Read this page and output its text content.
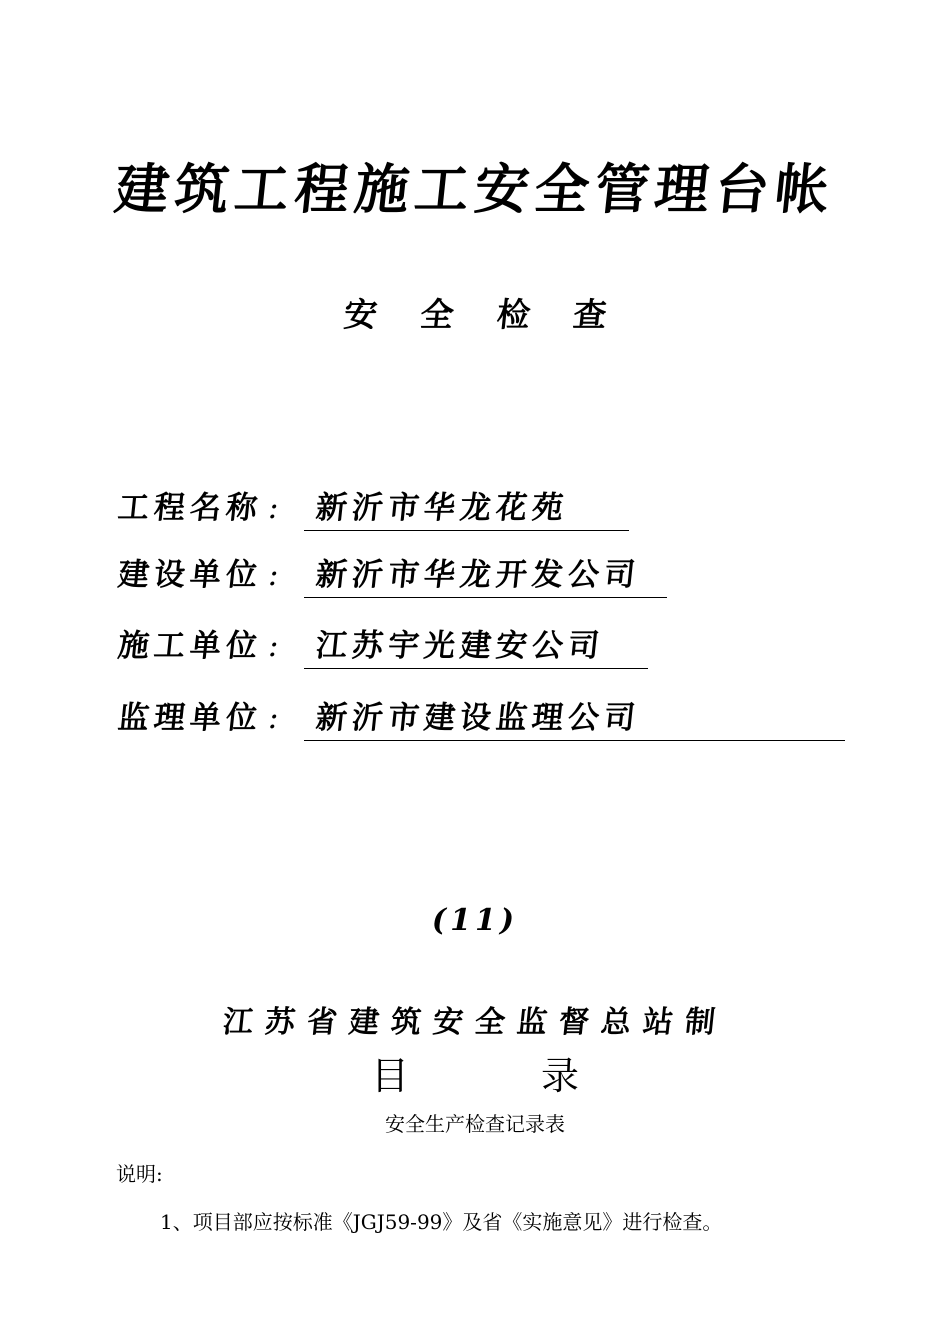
建筑工程施工安全管理台帐
安 全 检 查
工程名称 : 新沂市华龙花苑
建设单位 : 新沂市华龙开发公司
施工单位 : 江苏宇光建安公司
监理单位 : 新沂市建设监理公司
(11)
江苏省建筑安全监督总站制
目 录
安全生产检查记录表
说明:
1、项目部应按标准《JGJ59-99》及省《实施意见》进行检查。
